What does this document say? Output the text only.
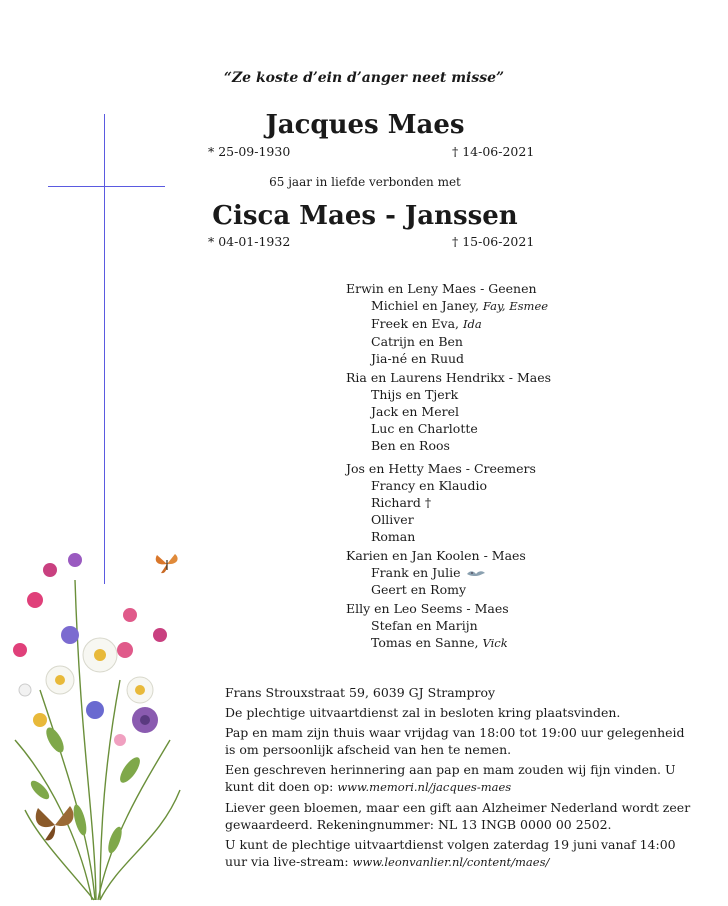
“Ze koste d’ein d’anger neet misse”
Jacques Maes
* 25-09-1930	† 14-06-2021
65 jaar in liefde verbonden met
Cisca Maes - Janssen
* 04-01-1932	† 15-06-2021
Erwin en Leny Maes - Geenen
Michiel en Janey, Fay, Esmee
Freek en Eva, Ida
Catrijn en Ben
Jia-né en Ruud
Ria en Laurens Hendrikx - Maes
Thijs en Tjerk
Jack en Merel
Luc en Charlotte
Ben en Roos
Jos en Hetty Maes - Creemers
Francy en Klaudio
Richard †
Olliver
Roman
Karien en Jan Koolen - Maes
Frank en Julie
Geert en Romy
Elly en Leo Seems - Maes
Stefan en Marijn
Tomas en Sanne, Vick

Frans Strouxstraat 59, 6039 GJ Stramproy

De plechtige uitvaartdienst zal in besloten kring plaatsvinden.

Pap en mam zijn thuis waar vrijdag van 18:00 tot 19:00 uur gelegenheid is om persoonlijk afscheid van hen te nemen.

Een geschreven herinnering aan pap en mam zouden wij fijn vinden. U kunt dit doen op: www.memori.nl/jacques-maes

Liever geen bloemen, maar een gift aan Alzheimer Nederland wordt zeer gewaardeerd. Rekeningnummer: NL 13 INGB 0000 00 2502.

U kunt de plechtige uitvaartdienst volgen zaterdag 19 juni vanaf 14:00 uur via live-stream: www.leonvanlier.nl/content/maes/
